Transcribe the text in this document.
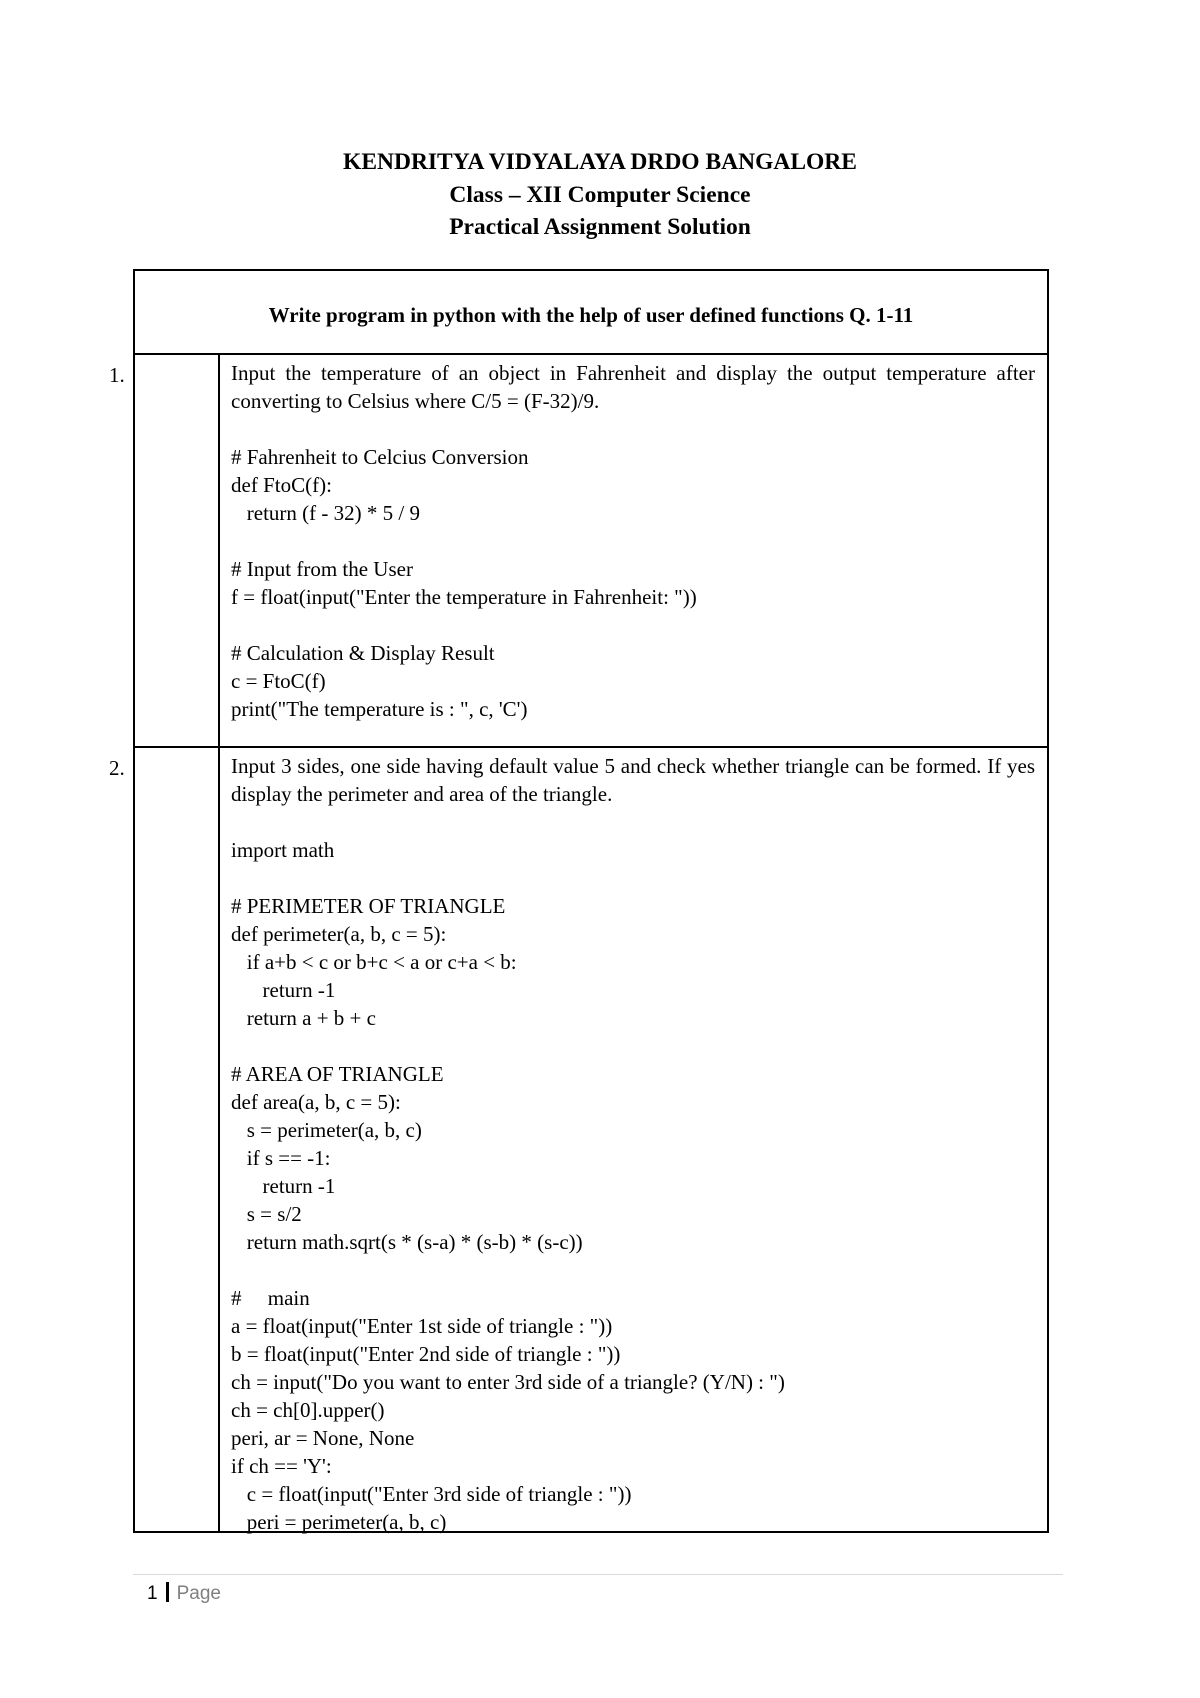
KENDRITYA VIDYALAYA DRDO BANGALORE
Class – XII Computer Science
Practical Assignment Solution
Write program in python with the help of user defined functions Q. 1-11
1.	Input the temperature of an object in Fahrenheit and display the output temperature after converting to Celsius where C/5 = (F-32)/9.
# Fahrenheit to Celcius Conversion
def FtoC(f):
return (f - 32) * 5 / 9
# Input from the User
f = float(input("Enter the temperature in Fahrenheit: "))
# Calculation & Display Result
c = FtoC(f)
print("The temperature is : ", c, 'C')
2.	Input 3 sides, one side having default value 5 and check whether triangle can be formed. If yes display the perimeter and area of the triangle.
import math
# PERIMETER OF TRIANGLE
def perimeter(a, b, c = 5):
if a+b < c or b+c < a or c+a < b:
return -1
return a + b + c
# AREA OF TRIANGLE
def area(a, b, c = 5):
s = perimeter(a, b, c)
if s == -1:
return -1
s = s/2
return math.sqrt(s * (s-a) * (s-b) * (s-c))
#     main
a = float(input("Enter 1st side of triangle : "))
b = float(input("Enter 2nd side of triangle : "))
ch = input("Do you want to enter 3rd side of a triangle? (Y/N) : ")
ch = ch[0].upper()
peri, ar = None, None
if ch == 'Y':
c = float(input("Enter 3rd side of triangle : "))
peri = perimeter(a, b, c)
1 Page
